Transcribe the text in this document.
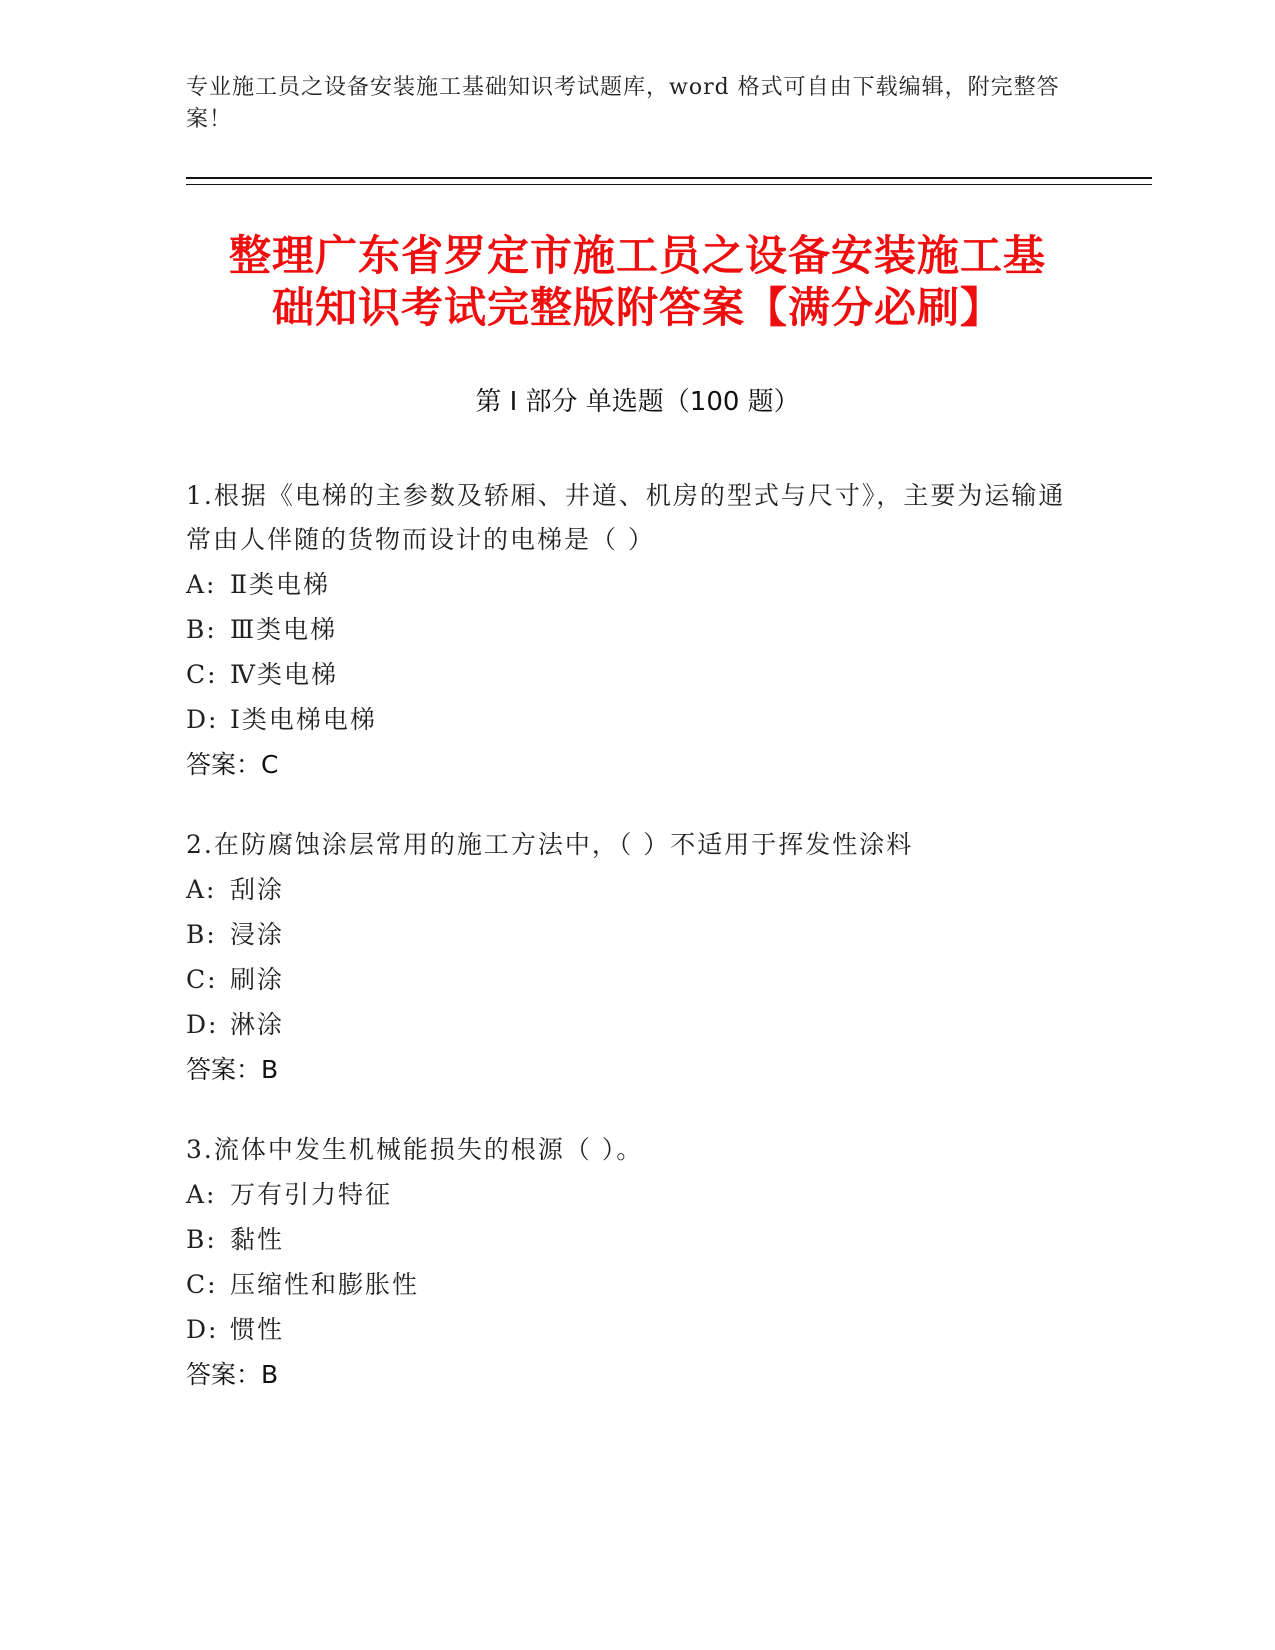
专业施工员之设备安装施工基础知识考试题库，word 格式可自由下载编辑，附完整答案！
整理广东省罗定市施工员之设备安装施工基
础知识考试完整版附答案【满分必刷】
第 I 部分 单选题（100 题）
1.根据《电梯的主参数及轿厢、井道、机房的型式与尺寸》，主要为运输通常由人伴随的货物而设计的电梯是（ ）
A: Ⅱ类电梯
B: Ⅲ类电梯
C: Ⅳ类电梯
D: Ⅰ类电梯电梯
答案：C
2.在防腐蚀涂层常用的施工方法中，（ ）不适用于挥发性涂料
A: 刮涂
B: 浸涂
C: 刷涂
D: 淋涂
答案：B
3.流体中发生机械能损失的根源（ ）。
A: 万有引力特征
B: 黏性
C: 压缩性和膨胀性
D: 惯性
答案：B
